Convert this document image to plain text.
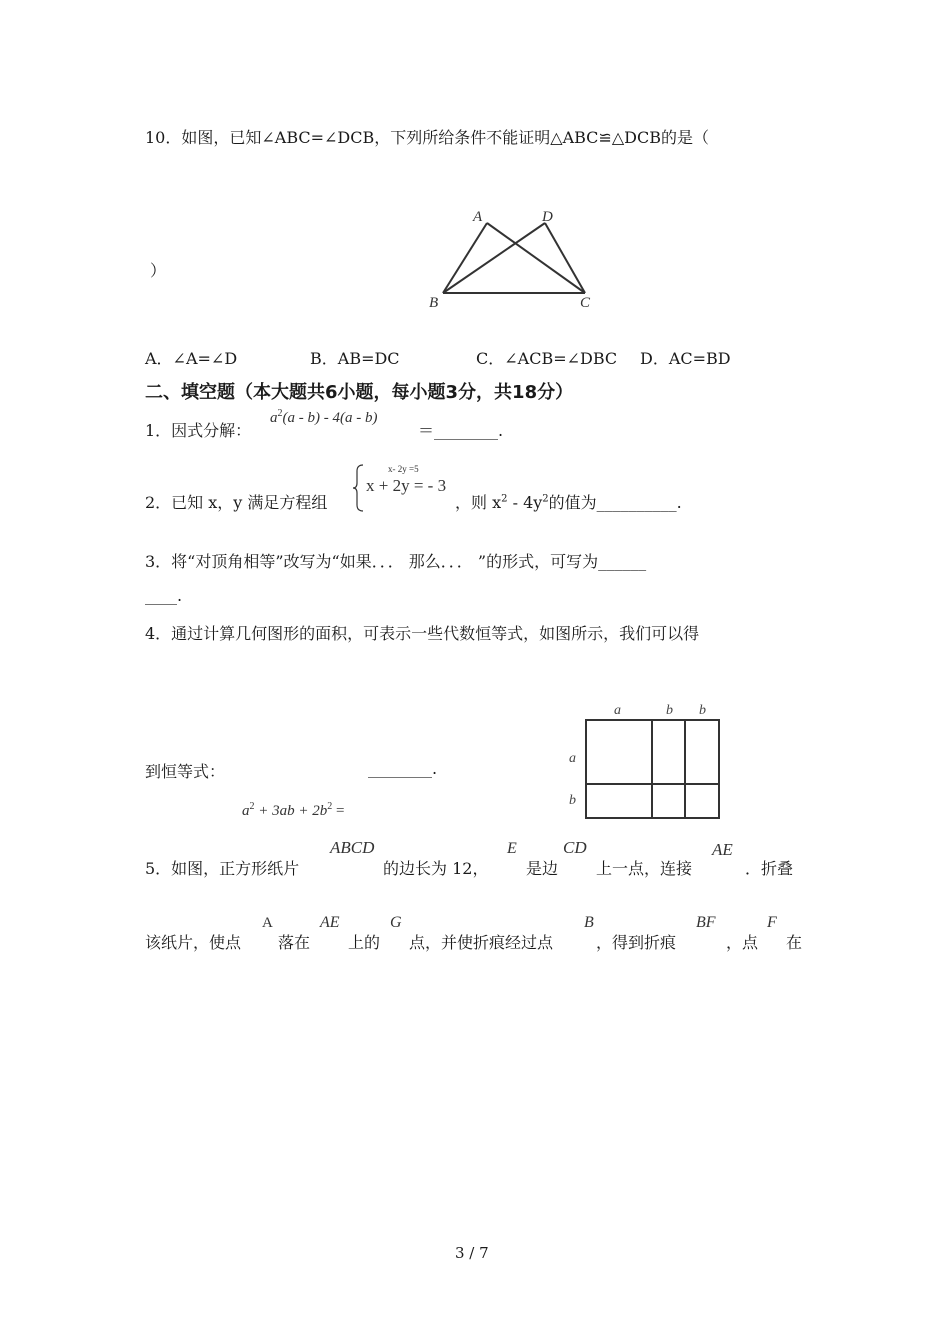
10．如图，已知∠ABC=∠DCB，下列所给条件不能证明△ABC≌△DCB的是（
A	D
B	C
）
A．∠A=∠D	B．AB=DC	C．∠ACB=∠DBC D．AC=BD
二、填空题（本大题共6小题，每小题3分，共18分）
1．因式分解：
$a^2(a - b) - 4(a - b)$
＝________.
2．已知 x，y 满足方程组
x- 2y =5
x + 2y = - 3
，则 $x^2 - 4y^2$的值为__________.
3．将“对顶角相等”改写为“如果．．． 那么．．． ”的形式，可写为______
____.
4．通过计算几何图形的面积，可表示一些代数恒等式，如图所示，我们可以得
到恒等式：	________.
$a^2 + 3ab + 2b^2$ =
a	b b
a
b
5．如图，正方形纸片
ABCD
的边长为 12，
E
是边
CD
上一点，连接
AE
．折叠
该纸片，使点
A
落在
AE
上的
G
点，并使折痕经过点
B
，得到折痕
BF
，点
F
在
3 / 7
